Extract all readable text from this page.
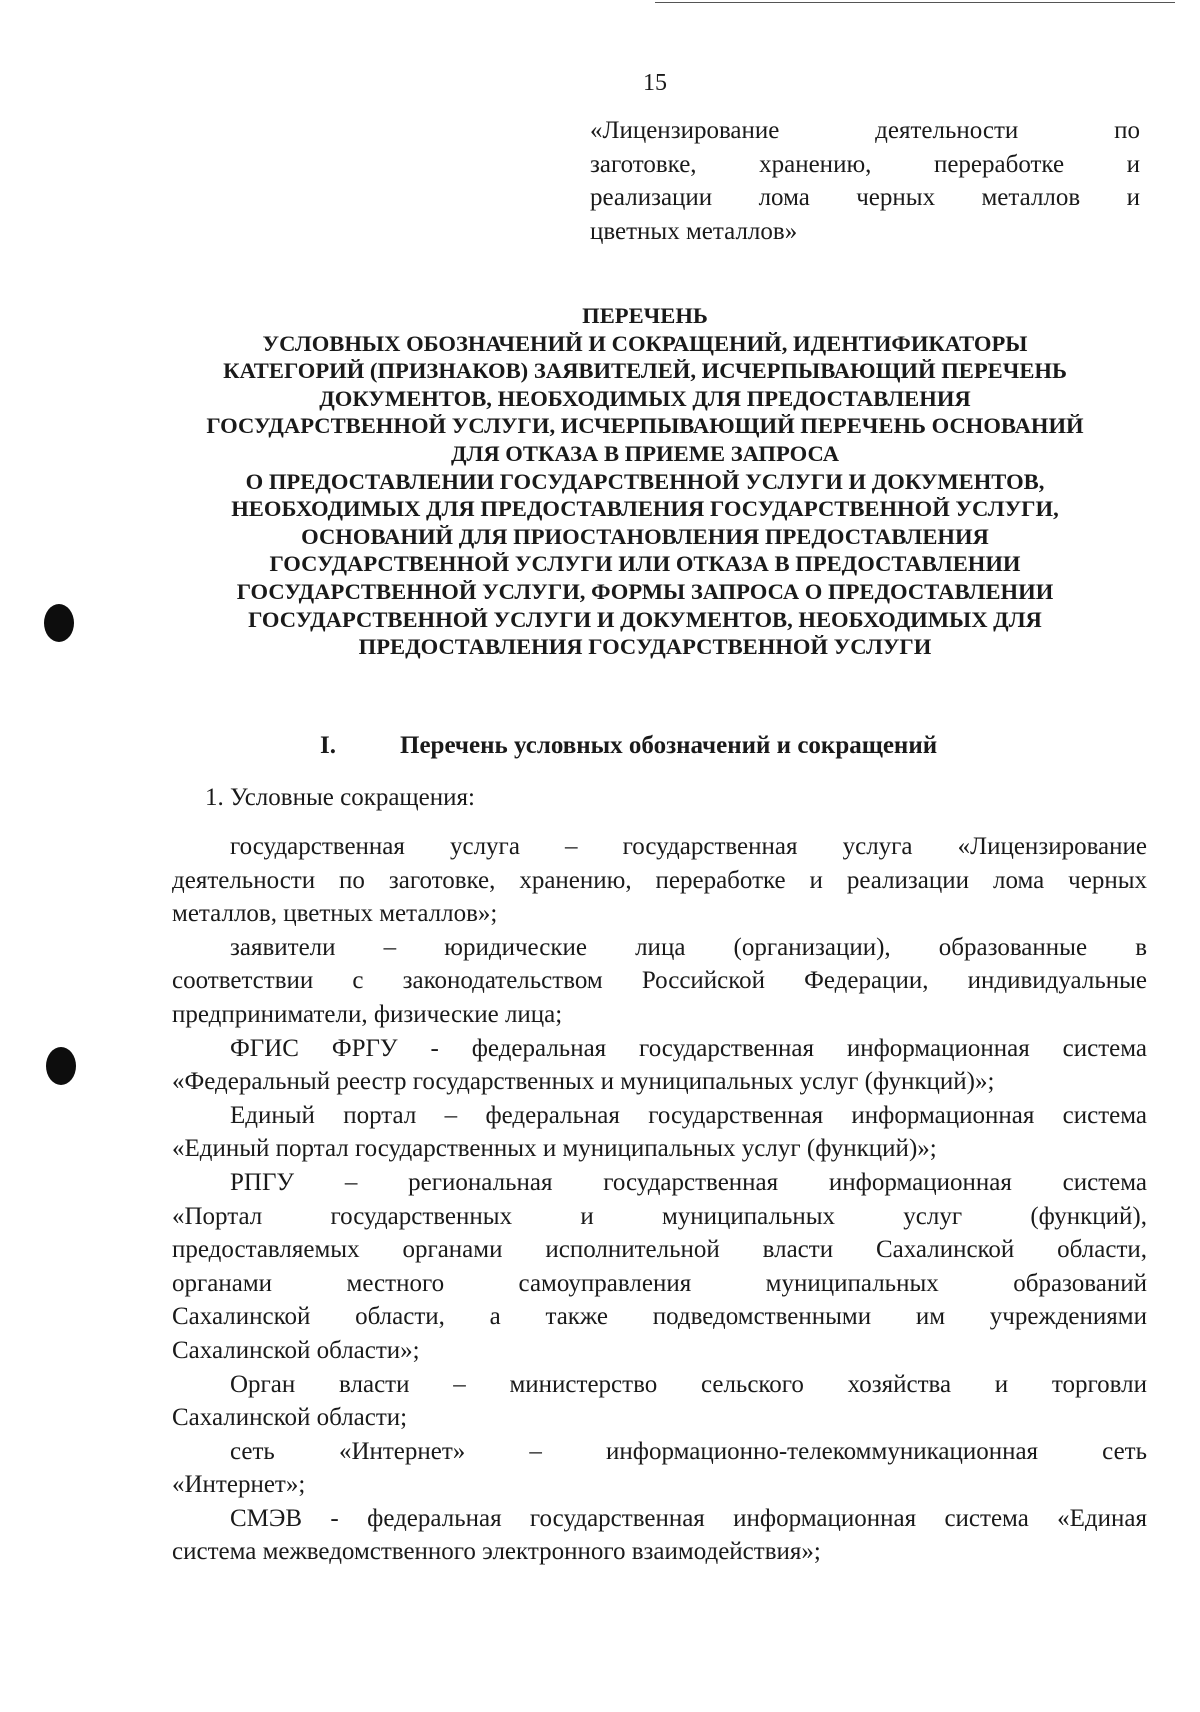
15
«Лицензирование деятельности по
заготовке, хранению, переработке и
реализации лома черных металлов и
цветных металлов»
ПЕРЕЧЕНЬ
УСЛОВНЫХ ОБОЗНАЧЕНИЙ И СОКРАЩЕНИЙ, ИДЕНТИФИКАТОРЫ
КАТЕГОРИЙ (ПРИЗНАКОВ) ЗАЯВИТЕЛЕЙ, ИСЧЕРПЫВАЮЩИЙ ПЕРЕЧЕНЬ
ДОКУМЕНТОВ, НЕОБХОДИМЫХ ДЛЯ ПРЕДОСТАВЛЕНИЯ
ГОСУДАРСТВЕННОЙ УСЛУГИ, ИСЧЕРПЫВАЮЩИЙ ПЕРЕЧЕНЬ ОСНОВАНИЙ
ДЛЯ ОТКАЗА В ПРИЕМЕ ЗАПРОСА
О ПРЕДОСТАВЛЕНИИ ГОСУДАРСТВЕННОЙ УСЛУГИ И ДОКУМЕНТОВ,
НЕОБХОДИМЫХ ДЛЯ ПРЕДОСТАВЛЕНИЯ ГОСУДАРСТВЕННОЙ УСЛУГИ,
ОСНОВАНИЙ ДЛЯ ПРИОСТАНОВЛЕНИЯ ПРЕДОСТАВЛЕНИЯ
ГОСУДАРСТВЕННОЙ УСЛУГИ ИЛИ ОТКАЗА В ПРЕДОСТАВЛЕНИИ
ГОСУДАРСТВЕННОЙ УСЛУГИ, ФОРМЫ ЗАПРОСА О ПРЕДОСТАВЛЕНИИ
ГОСУДАРСТВЕННОЙ УСЛУГИ И ДОКУМЕНТОВ, НЕОБХОДИМЫХ ДЛЯ
ПРЕДОСТАВЛЕНИЯ ГОСУДАРСТВЕННОЙ УСЛУГИ
I.	Перечень условных обозначений и сокращений
1. Условные сокращения:
государственная услуга – государственная услуга «Лицензирование
деятельности по заготовке, хранению, переработке и реализации лома черных
металлов, цветных металлов»;
заявители – юридические лица (организации), образованные в
соответствии с законодательством Российской Федерации, индивидуальные
предприниматели, физические лица;
ФГИС ФРГУ - федеральная государственная информационная система
«Федеральный реестр государственных и муниципальных услуг (функций)»;
Единый портал – федеральная государственная информационная система
«Единый портал государственных и муниципальных услуг (функций)»;
РПГУ – региональная государственная информационная система
«Портал государственных и муниципальных услуг (функций),
предоставляемых органами исполнительной власти Сахалинской области,
органами местного самоуправления муниципальных образований
Сахалинской области, а также подведомственными им учреждениями
Сахалинской области»;
Орган власти – министерство сельского хозяйства и торговли
Сахалинской области;
сеть «Интернет» – информационно-телекоммуникационная сеть
«Интернет»;
СМЭВ - федеральная государственная информационная система «Единая
система межведомственного электронного взаимодействия»;
